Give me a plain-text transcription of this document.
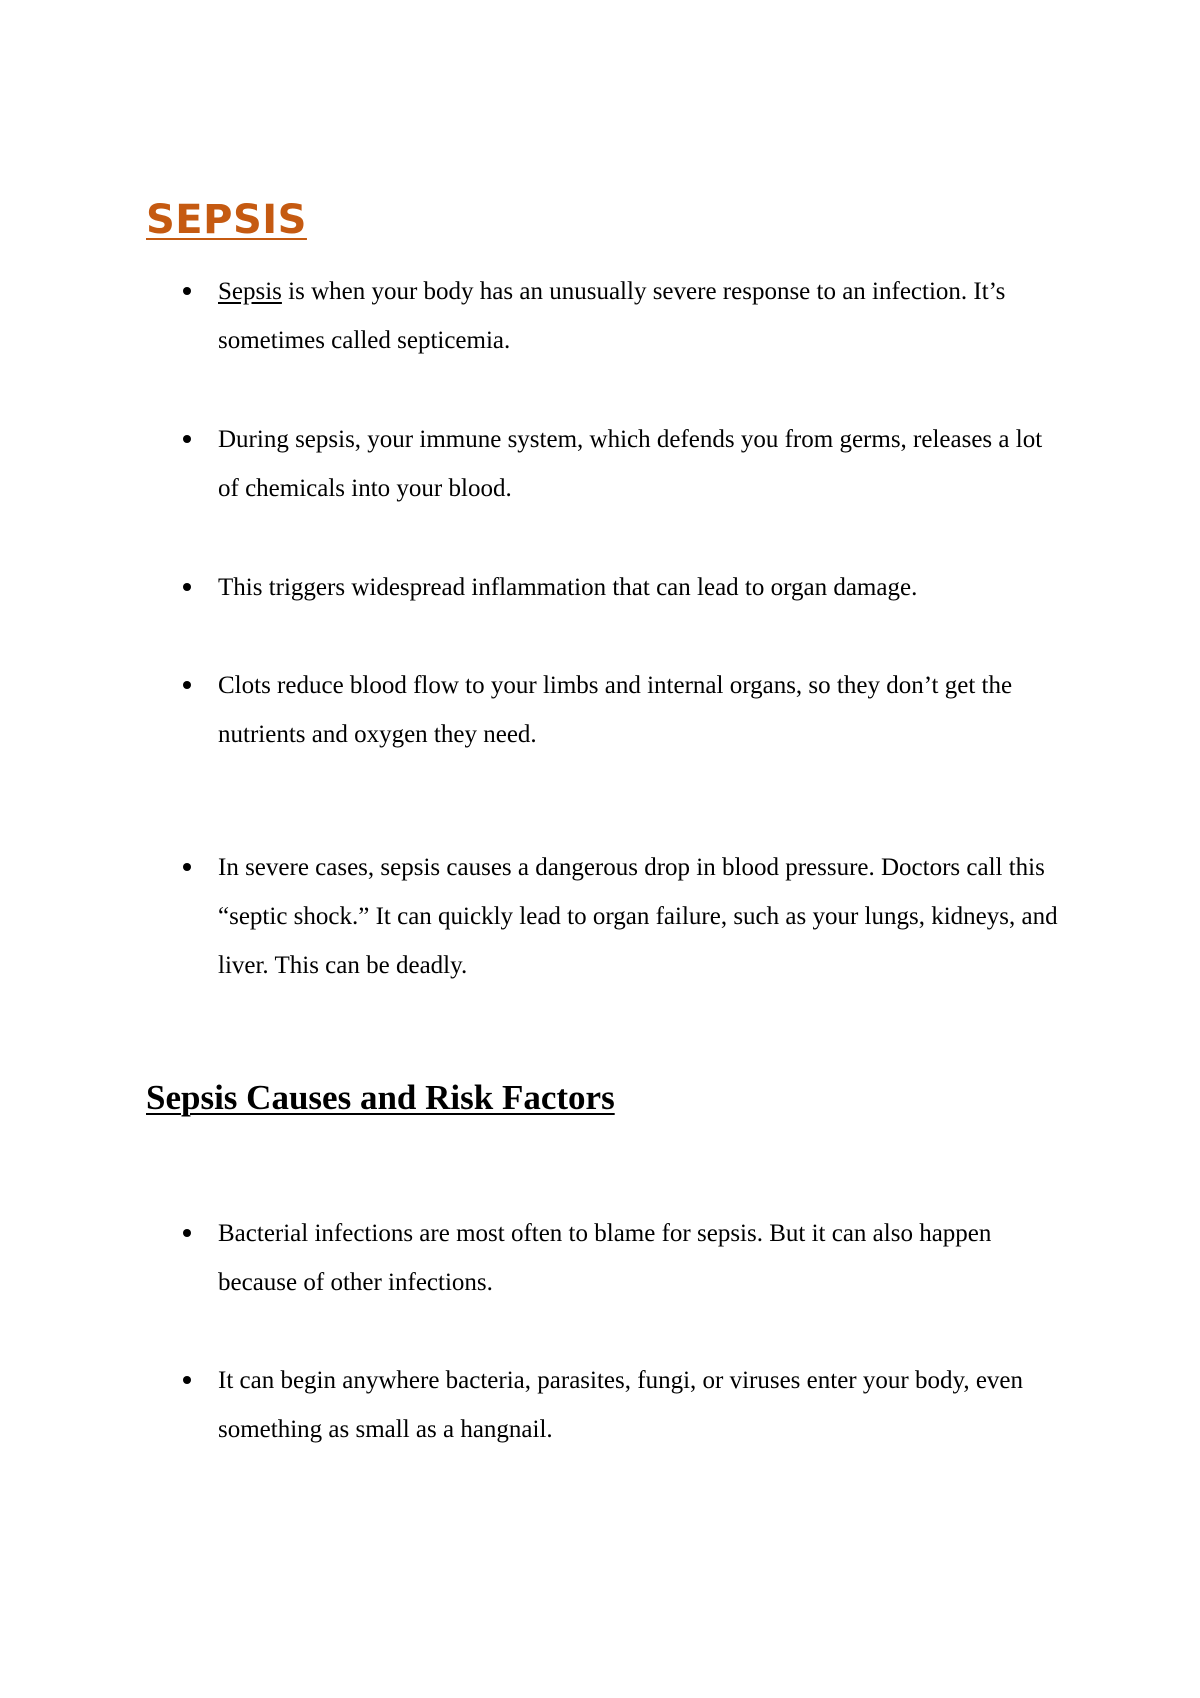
SEPSIS
Sepsis is when your body has an unusually severe response to an infection. It’s sometimes called septicemia.
During sepsis, your immune system, which defends you from germs, releases a lot of chemicals into your blood.
This triggers widespread inflammation that can lead to organ damage.
Clots reduce blood flow to your limbs and internal organs, so they don’t get the nutrients and oxygen they need.
In severe cases, sepsis causes a dangerous drop in blood pressure. Doctors call this “septic shock.” It can quickly lead to organ failure, such as your lungs, kidneys, and liver. This can be deadly.
Sepsis Causes and Risk Factors
Bacterial infections are most often to blame for sepsis. But it can also happen because of other infections.
It can begin anywhere bacteria, parasites, fungi, or viruses enter your body, even something as small as a hangnail.
